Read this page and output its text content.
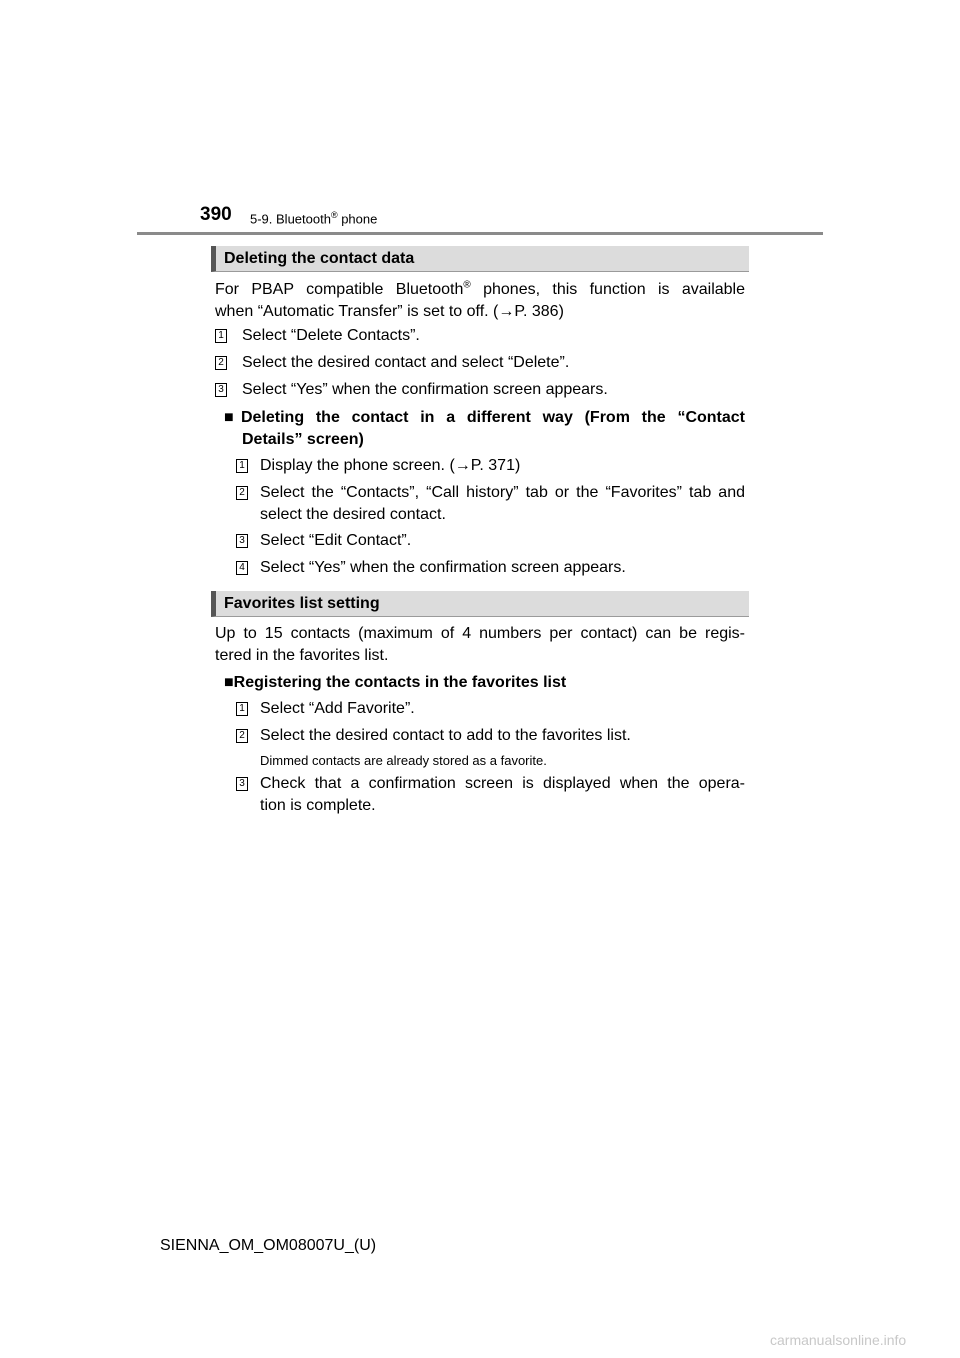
390 5-9. Bluetooth® phone
Deleting the contact data
For PBAP compatible Bluetooth® phones, this function is available
when “Automatic Transfer” is set to off. (→P. 386)
1 Select “Delete Contacts”.
2 Select the desired contact and select “Delete”.
3 Select “Yes” when the confirmation screen appears.
■Deleting the contact in a different way (From the “Contact
Details” screen)
1 Display the phone screen. (→P. 371)
2 Select the “Contacts”, “Call history” tab or the “Favorites” tab and
select the desired contact.
3 Select “Edit Contact”.
4 Select “Yes” when the confirmation screen appears.
Favorites list setting
Up to 15 contacts (maximum of 4 numbers per contact) can be regis-
tered in the favorites list.
■Registering the contacts in the favorites list
1 Select “Add Favorite”.
2 Select the desired contact to add to the favorites list.
Dimmed contacts are already stored as a favorite.
3 Check that a confirmation screen is displayed when the opera-
tion is complete.
SIENNA_OM_OM08007U_(U)
carmanualsonline.info
